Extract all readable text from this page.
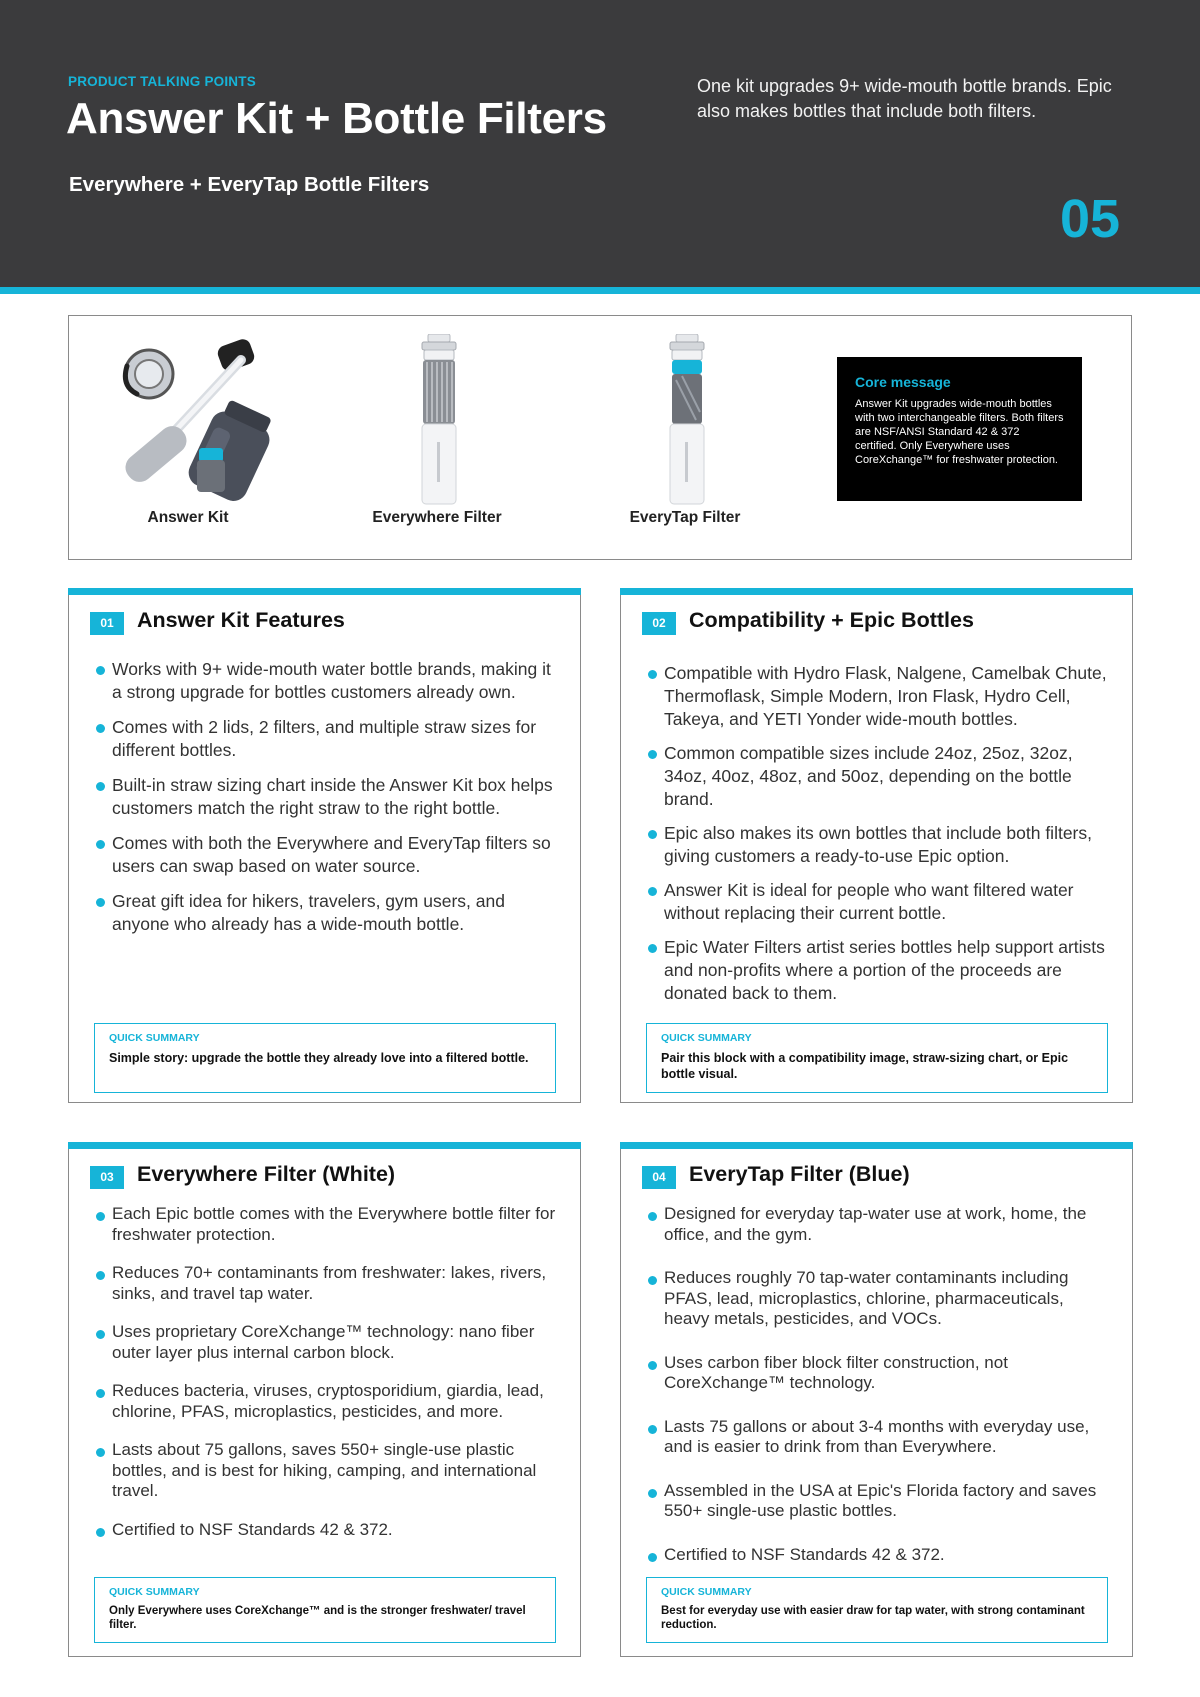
PRODUCT TALKING POINTS
Answer Kit + Bottle Filters
Everywhere + EveryTap Bottle Filters
One kit upgrades 9+ wide-mouth bottle brands. Epic also makes bottles that include both filters.
05
Answer Kit	Everywhere Filter	EveryTap Filter
Core message
Answer Kit upgrades wide-mouth bottles with two interchangeable filters. Both filters are NSF/ANSI Standard 42 & 372 certified. Only Everywhere uses CoreXchange™ for freshwater protection.
01	Answer Kit Features
Works with 9+ wide-mouth water bottle brands, making it a strong upgrade for bottles customers already own.
Comes with 2 lids, 2 filters, and multiple straw sizes for different bottles.
Built-in straw sizing chart inside the Answer Kit box helps customers match the right straw to the right bottle.
Comes with both the Everywhere and EveryTap filters so users can swap based on water source.
Great gift idea for hikers, travelers, gym users, and anyone who already has a wide-mouth bottle.
QUICK SUMMARY
Simple story: upgrade the bottle they already love into a filtered bottle.
02	Compatibility + Epic Bottles
Compatible with Hydro Flask, Nalgene, Camelbak Chute, Thermoflask, Simple Modern, Iron Flask, Hydro Cell, Takeya, and YETI Yonder wide-mouth bottles.
Common compatible sizes include 24oz, 25oz, 32oz, 34oz, 40oz, 48oz, and 50oz, depending on the bottle brand.
Epic also makes its own bottles that include both filters, giving customers a ready-to-use Epic option.
Answer Kit is ideal for people who want filtered water without replacing their current bottle.
Epic Water Filters artist series bottles help support artists and non-profits where a portion of the proceeds are donated back to them.
QUICK SUMMARY
Pair this block with a compatibility image, straw-sizing chart, or Epic bottle visual.
03	Everywhere Filter (White)
Each Epic bottle comes with the Everywhere bottle filter for freshwater protection.
Reduces 70+ contaminants from freshwater: lakes, rivers, sinks, and travel tap water.
Uses proprietary CoreXchange™ technology: nano fiber outer layer plus internal carbon block.
Reduces bacteria, viruses, cryptosporidium, giardia, lead, chlorine, PFAS, microplastics, pesticides, and more.
Lasts about 75 gallons, saves 550+ single-use plastic bottles, and is best for hiking, camping, and international travel.
Certified to NSF Standards 42 & 372.
QUICK SUMMARY
Only Everywhere uses CoreXchange™ and is the stronger freshwater/ travel filter.
04	EveryTap Filter (Blue)
Designed for everyday tap-water use at work, home, the office, and the gym.
Reduces roughly 70 tap-water contaminants including PFAS, lead, microplastics, chlorine, pharmaceuticals, heavy metals, pesticides, and VOCs.
Uses carbon fiber block filter construction, not CoreXchange™ technology.
Lasts 75 gallons or about 3-4 months with everyday use, and is easier to drink from than Everywhere.
Assembled in the USA at Epic's Florida factory and saves 550+ single-use plastic bottles.
Certified to NSF Standards 42 & 372.
QUICK SUMMARY
Best for everyday use with easier draw for tap water, with strong contaminant reduction.
